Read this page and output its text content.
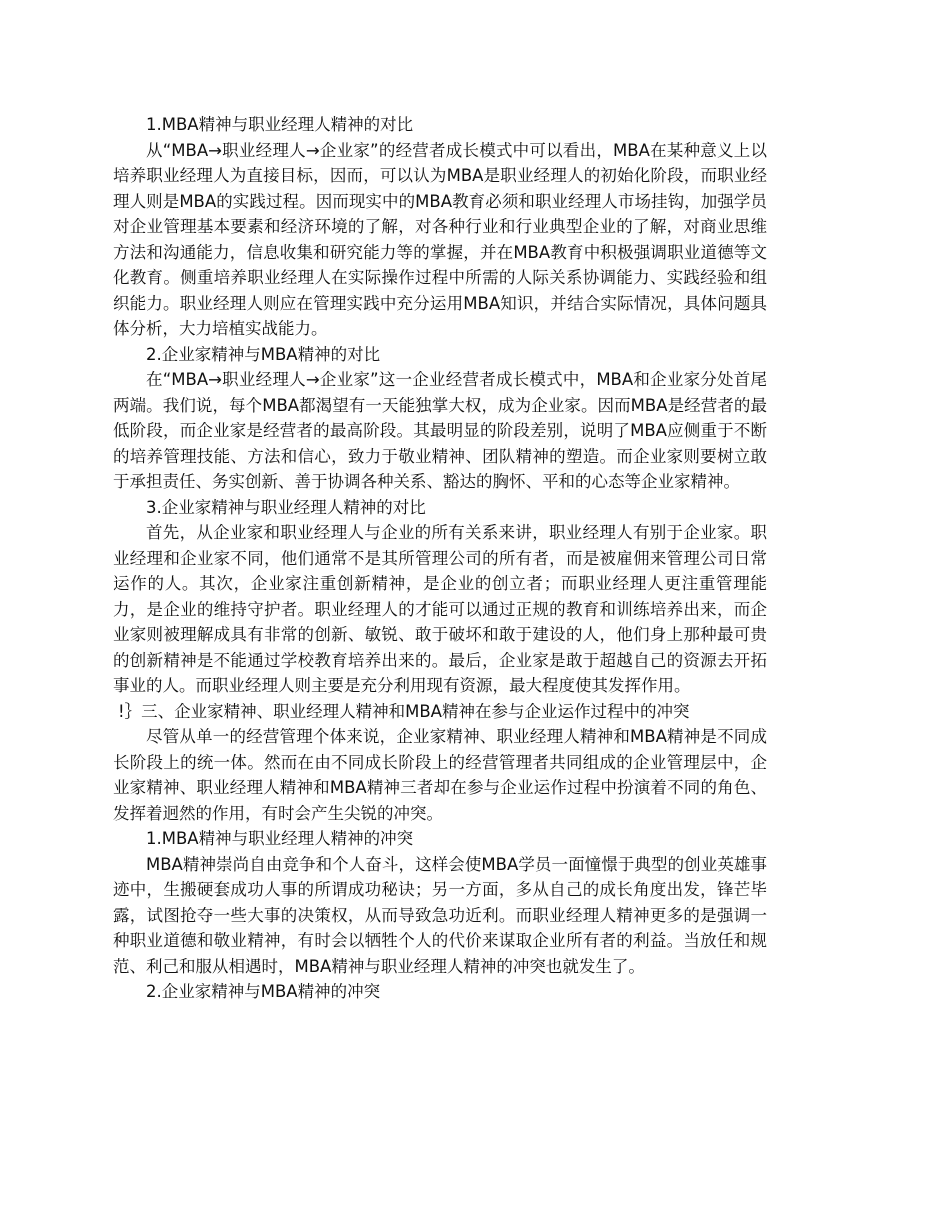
1.MBA精神与职业经理人精神的对比

从“MBA→职业经理人→企业家”的经营者成长模式中可以看出，MBA在某种意义上以培养职业经理人为直接目标，因而，可以认为MBA是职业经理人的初始化阶段，而职业经理人则是MBA的实践过程。因而现实中的MBA教育必须和职业经理人市场挂钩，加强学员对企业管理基本要素和经济环境的了解，对各种行业和行业典型企业的了解，对商业思维方法和沟通能力，信息收集和研究能力等的掌握，并在MBA教育中积极强调职业道德等文化教育。侧重培养职业经理人在实际操作过程中所需的人际关系协调能力、实践经验和组织能力。职业经理人则应在管理实践中充分运用MBA知识，并结合实际情况，具体问题具体分析，大力培植实战能力。

2.企业家精神与MBA精神的对比

在“MBA→职业经理人→企业家”这一企业经营者成长模式中，MBA和企业家分处首尾两端。我们说，每个MBA都渴望有一天能独掌大权，成为企业家。因而MBA是经营者的最低阶段，而企业家是经营者的最高阶段。其最明显的阶段差别，说明了MBA应侧重于不断的培养管理技能、方法和信心，致力于敬业精神、团队精神的塑造。而企业家则要树立敢于承担责任、务实创新、善于协调各种关系、豁达的胸怀、平和的心态等企业家精神。

3.企业家精神与职业经理人精神的对比

首先，从企业家和职业经理人与企业的所有关系来讲，职业经理人有别于企业家。职业经理和企业家不同，他们通常不是其所管理公司的所有者，而是被雇佣来管理公司日常运作的人。其次，企业家注重创新精神，是企业的创立者；而职业经理人更注重管理能力，是企业的维持守护者。职业经理人的才能可以通过正规的教育和训练培养出来，而企业家则被理解成具有非常的创新、敏锐、敢于破坏和敢于建设的人，他们身上那种最可贵的创新精神是不能通过学校教育培养出来的。最后，企业家是敢于超越自己的资源去开拓事业的人。而职业经理人则主要是充分利用现有资源，最大程度使其发挥作用。

!｝三、企业家精神、职业经理人精神和MBA精神在参与企业运作过程中的冲突

尽管从单一的经营管理个体来说，企业家精神、职业经理人精神和MBA精神是不同成长阶段上的统一体。然而在由不同成长阶段上的经营管理者共同组成的企业管理层中，企业家精神、职业经理人精神和MBA精神三者却在参与企业运作过程中扮演着不同的角色、发挥着迥然的作用，有时会产生尖锐的冲突。

1.MBA精神与职业经理人精神的冲突

MBA精神崇尚自由竞争和个人奋斗，这样会使MBA学员一面憧憬于典型的创业英雄事迹中，生搬硬套成功人事的所谓成功秘诀；另一方面，多从自己的成长角度出发，锋芒毕露，试图抢夺一些大事的决策权，从而导致急功近利。而职业经理人精神更多的是强调一种职业道德和敬业精神，有时会以牺牲个人的代价来谋取企业所有者的利益。当放任和规范、利己和服从相遇时，MBA精神与职业经理人精神的冲突也就发生了。

2.企业家精神与MBA精神的冲突
